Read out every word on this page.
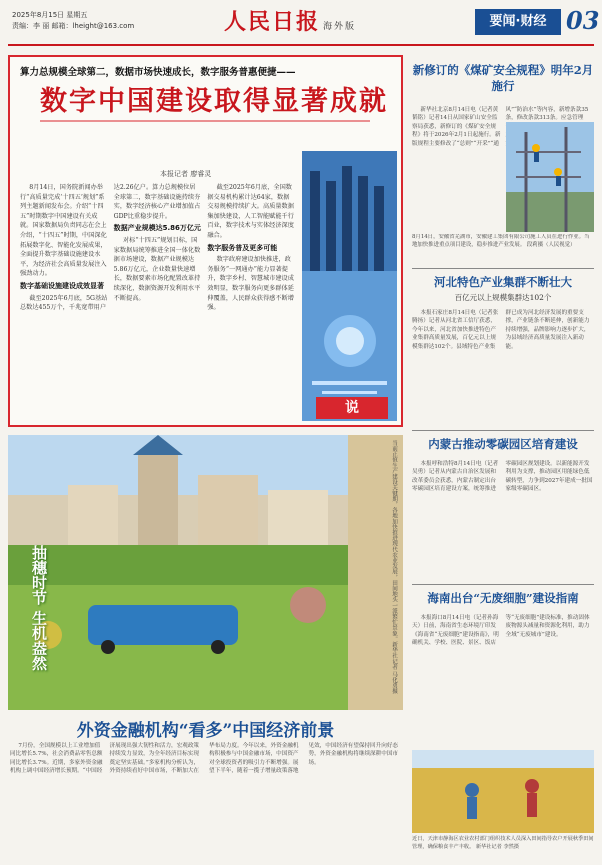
2025年8月15日 星期五
责编：李 丽 邮箱：lheight@163.com	人民日报 海外版	要闻·财经 03
算力总规模全球第二，数据市场快速成长，数字服务普惠便捷——
数字中国建设取得显著成就
本报记者 廖睿灵

8月14日，国务院新闻办举行“高质量完成‘十四五’规划”系列主题新闻发布会。介绍“十四五”时期数字中国建设有关成就。国家数据局负责同志在会上介绍，“十四五”时期，中国深化拓展数字化、智能化发展成果，全面提升数字基础设施建设水平，为经济社会高质量发展注入强劲动力。

数字基础设施建设成效显著

截至2025年6月底，5G基站总数达455万个，千兆宽带用户达2.26亿户。算力总规模位居全球第二，数字基础设施持续夯实，数字经济核心产业增加值占GDP比重稳步提升。

数据产业规模达5.86万亿元

对标“十四五”规划目标，国家数据局统筹推进全国一体化数据市场建设，数据产业规模达5.86万亿元，企业数量快速增长，数据要素市场化配置改革持续深化，数据资源开发利用水平不断提高。

截至2025年6月底，全国数据交易机构累计达64家，数据交易规模持续扩大。高质量数据集加快建设，人工智能赋能千行百业，数字技术与实体经济深度融合。

数字服务普及更多可能

数字政府建设加快推进，政务服务“一网通办”能力显著提升，数字乡村、智慧城市建设成效明显，数字服务向更多群体延伸覆盖，人民群众获得感不断增强。

说
新修订的《煤矿安全规程》明年2月施行

新华社北京8月14日电（记者黄韬铭）记者14日从国家矿山安全监察局获悉，新修订的《煤矿安全规程》将于2026年2月1日起施行。新版规程主要修改了“总则”“开采”“通风”“防治水”等内容，新增条款35条，修改条款313条。应急管理

8月14日，安徽省芜湖市，安徽建工集团有限公司施工人员在进行作业。当地加快推进重点项目建设，稳步推进产业发展。 段莉摄（人民视觉）
河北特色产业集群不断壮大
百亿元以上规模集群达102个

本报石家庄8月14日电（记者张腾扬）记者从河北省工信厅获悉，今年以来，河北省加快推进特色产业集群高质量发展，百亿元以上规模集群达102个。县域特色产业集群已成为河北经济发展的重要支撑，产业链条不断延伸，创新能力持续增强，品牌影响力逐步扩大，为县域经济高质量发展注入新动能。

内蒙古推动零碳园区培育建设

本报呼和浩特8月14日电（记者吴勇）记者从内蒙古自治区发展和改革委员会获悉，内蒙古制定出台零碳园区培育建设方案，统筹推进零碳园区规划建设。以新能源开发利用为支撑，推动园区用能绿色低碳转型，力争到2027年建成一批国家级零碳园区。

海南出台“无废细胞”建设指南

本报海口8月14日电（记者孙海天）日前，海南省生态环境厅印发《海南省“无废细胞”建设指南》，明确机关、学校、医院、景区、饭店等“无废细胞”建设标准，推动固体废物源头减量和资源化利用，助力全域“无废城市”建设。

当前正值生产建设关键期，各地加快推进现代农业发展，田间地头一派繁忙景象。新华社记者 马化勇摄
抽穗时节 生机盎然
外资金融机构“看多”中国经济前景

7月份，全国规模以上工业增加值同比增长5.7%，社会消费品零售总额同比增长3.7%。近期，多家外资金融机构上调中国经济增长预期。“中国经济展现出强大韧性和活力，宏观政策持续发力显效，为全年经济目标实现奠定坚实基础。”多家机构分析认为，外资持续看好中国市场，不断加大在华布局力度。今年以来，外资金融机构积极参与中国金融市场，中国资产对全球投资者的吸引力不断增强。展望下半年，随着一揽子增量政策落地见效，中国经济有望保持回升向好态势，外资金融机构将继续深耕中国市场。

近日，天津市静海区农业农村部门组织技术人员深入田间指导农户开展秋季田间管理，确保粮食丰产丰收。 新华社记者 李然摄
